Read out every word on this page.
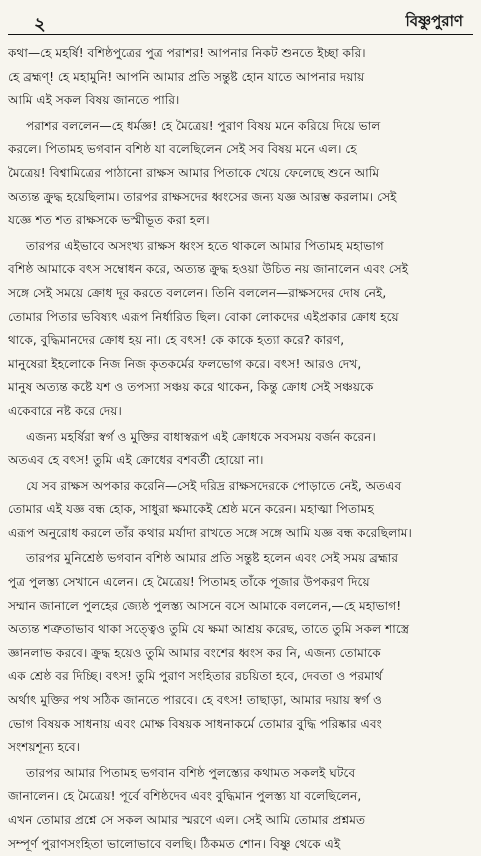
২	বিষ্ণুপুরাণ
কথা—হে মহর্ষি! বশিষ্ঠপুত্রের পুত্র পরাশর! আপনার নিকট শুনতে ইচ্ছা করি।
হে ব্রহ্মণ্! হে মহামুনি! আপনি আমার প্রতি সন্তুষ্ট হোন যাতে আপনার দয়ায়
আমি এই সকল বিষয় জানতে পারি।
পরাশর বললেন—হে ধর্মজ্ঞ! হে মৈত্রেয়! পুরাণ বিষয় মনে করিয়ে দিয়ে ভাল
করলে। পিতামহ ভগবান বশিষ্ঠ যা বলেছিলেন সেই সব বিষয় মনে এল। হে
মৈত্রেয়! বিশ্বামিত্রের পাঠানো রাক্ষস আমার পিতাকে খেয়ে ফেলেছে শুনে আমি
অত্যন্ত ক্রুদ্ধ হয়েছিলাম। তারপর রাক্ষসদের ধ্বংসের জন্য যজ্ঞ আরম্ভ করলাম। সেই
যজ্ঞে শত শত রাক্ষসকে ভস্মীভূত করা হল।
তারপর এইভাবে অসংখ্য রাক্ষস ধ্বংস হতে থাকলে আমার পিতামহ মহাভাগ
বশিষ্ঠ আমাকে বৎস সম্বোধন করে, অত্যন্ত ক্রুদ্ধ হওয়া উচিত নয় জানালেন এবং সেই
সঙ্গে সেই সময়ে ক্রোধ দূর করতে বললেন। তিনি বললেন—রাক্ষসদের দোষ নেই,
তোমার পিতার ভবিষ্যৎ এরূপ নির্ধারিত ছিল। বোকা লোকদের এইপ্রকার ক্রোধ হয়ে
থাকে, বুদ্ধিমানদের ক্রোধ হয় না। হে বৎস! কে কাকে হত্যা করে? কারণ,
মানুষেরা ইহলোকে নিজ নিজ কৃতকর্মের ফলভোগ করে। বৎস! আরও দেখ,
মানুষ অত্যন্ত কষ্টে যশ ও তপস্যা সঞ্চয় করে থাকেন, কিন্তু ক্রোধ সেই সঞ্চয়কে
একেবারে নষ্ট করে দেয়।
এজন্য মহর্ষিরা স্বর্গ ও মুক্তির বাধাস্বরূপ এই ক্রোধকে সবসময় বর্জন করেন।
অতএব হে বৎস! তুমি এই ক্রোধের বশবর্তী হোয়ো না।
যে সব রাক্ষস অপকার করেনি—সেই দরিদ্র রাক্ষসদেরকে পোড়াতে নেই, অতএব
তোমার এই যজ্ঞ বন্ধ হোক, সাধুরা ক্ষমাকেই শ্রেষ্ঠ মনে করেন। মহাত্মা পিতামহ
এরূপ অনুরোধ করলে তাঁর কথার মর্যাদা রাখতে সঙ্গে সঙ্গে আমি যজ্ঞ বন্ধ করেছিলাম।
তারপর মুনিশ্রেষ্ঠ ভগবান বশিষ্ঠ আমার প্রতি সন্তুষ্ট হলেন এবং সেই সময় ব্রহ্মার
পুত্র পুলস্ত্য সেখানে এলেন। হে মৈত্রেয়! পিতামহ তাঁকে পূজার উপকরণ দিয়ে
সম্মান জানালে পুলহের জ্যেষ্ঠ পুলস্ত্য আসনে বসে আমাকে বললেন,—হে মহাভাগ!
অত্যন্ত শত্রুতাভাব থাকা সত্ত্বেও তুমি যে ক্ষমা আশ্রয় করেছ, তাতে তুমি সকল শাস্ত্রে
জ্ঞানলাভ করবে। ক্রুদ্ধ হয়েও তুমি আমার বংশের ধ্বংস কর নি, এজন্য তোমাকে
এক শ্রেষ্ঠ বর দিচ্ছি। বৎস! তুমি পুরাণ সংহিতার রচয়িতা হবে, দেবতা ও পরমার্থ
অর্থাৎ মুক্তির পথ সঠিক জানতে পারবে। হে বৎস! তাছাড়া, আমার দয়ায় স্বর্গ ও
ভোগ বিষয়ক সাধনায় এবং মোক্ষ বিষয়ক সাধনাকর্মে তোমার বুদ্ধি পরিষ্কার এবং
সংশয়শূন্য হবে।
তারপর আমার পিতামহ ভগবান বশিষ্ঠ পুলস্ত্যের কথামত সকলই ঘটবে
জানালেন। হে মৈত্রেয়! পূর্বে বশিষ্ঠদেব এবং বুদ্ধিমান পুলস্ত্য যা বলেছিলেন,
এখন তোমার প্রশ্নে সে সকল আমার স্মরণে এল। সেই আমি তোমার প্রশ্নমত
সম্পূর্ণ পুরাণসংহিতা ভালোভাবে বলছি। ঠিকমত শোন। বিষ্ণু থেকে এই
